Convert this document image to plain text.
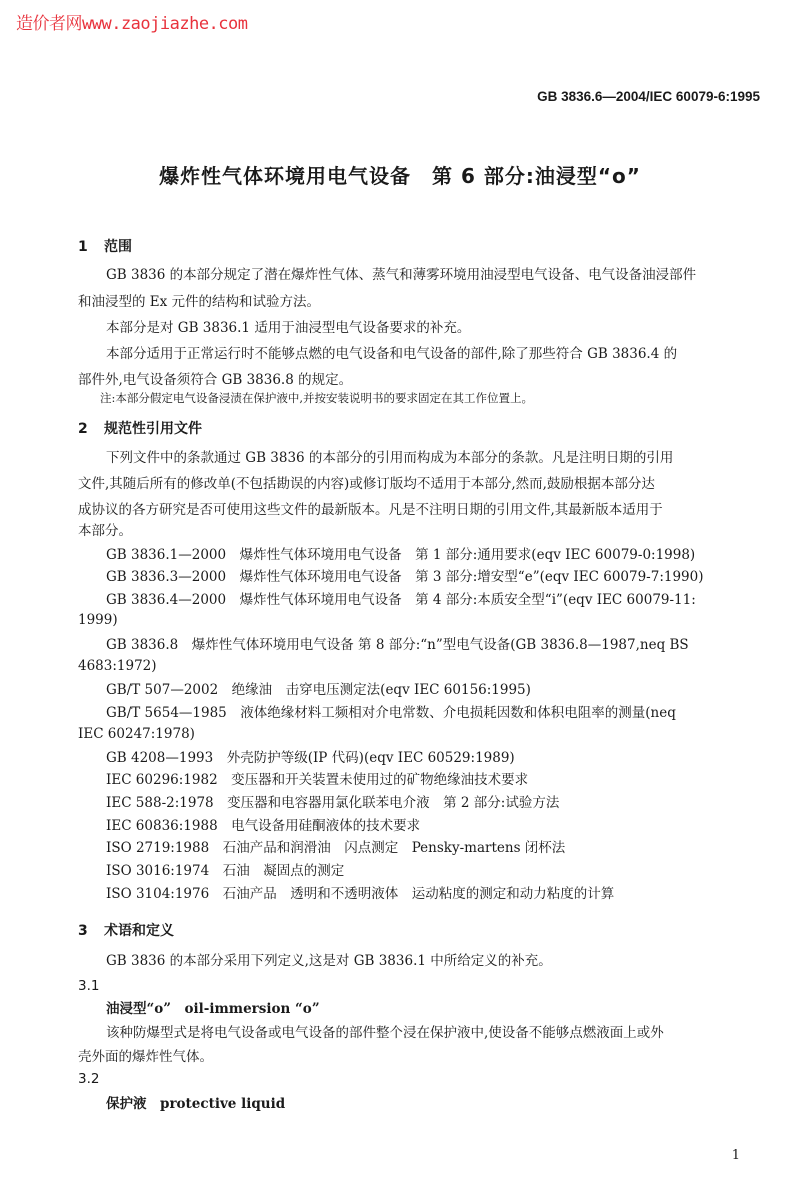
造价者网www.zaojiazhe.com
GB 3836.6—2004/IEC 60079-6:1995
爆炸性气体环境用电气设备　第 6 部分:油浸型“o”
1 范围
GB 3836 的本部分规定了潜在爆炸性气体、蒸气和薄雾环境用油浸型电气设备、电气设备油浸部件
和油浸型的 Ex 元件的结构和试验方法。
本部分是对 GB 3836.1 适用于油浸型电气设备要求的补充。
本部分适用于正常运行时不能够点燃的电气设备和电气设备的部件,除了那些符合 GB 3836.4 的
部件外,电气设备须符合 GB 3836.8 的规定。
注:本部分假定电气设备浸渍在保护液中,并按安装说明书的要求固定在其工作位置上。
2 规范性引用文件
下列文件中的条款通过 GB 3836 的本部分的引用而构成为本部分的条款。凡是注明日期的引用
文件,其随后所有的修改单(不包括勘误的内容)或修订版均不适用于本部分,然而,鼓励根据本部分达
成协议的各方研究是否可使用这些文件的最新版本。凡是不注明日期的引用文件,其最新版本适用于
本部分。
GB 3836.1—2000　爆炸性气体环境用电气设备　第 1 部分:通用要求(eqv IEC 60079-0:1998)
GB 3836.3—2000　爆炸性气体环境用电气设备　第 3 部分:增安型“e”(eqv IEC 60079-7:1990)
GB 3836.4—2000　爆炸性气体环境用电气设备　第 4 部分:本质安全型“i”(eqv IEC 60079-11:
1999)
GB 3836.8　爆炸性气体环境用电气设备 第 8 部分:“n”型电气设备(GB 3836.8—1987,neq BS
4683:1972)
GB/T 507—2002　绝缘油　击穿电压测定法(eqv IEC 60156:1995)
GB/T 5654—1985　液体绝缘材料工频相对介电常数、介电损耗因数和体积电阻率的测量(neq
IEC 60247:1978)
GB 4208—1993　外壳防护等级(IP 代码)(eqv IEC 60529:1989)
IEC 60296:1982　变压器和开关装置未使用过的矿物绝缘油技术要求
IEC 588-2:1978　变压器和电容器用氯化联苯电介液　第 2 部分:试验方法
IEC 60836:1988　电气设备用硅酮液体的技术要求
ISO 2719:1988　石油产品和润滑油　闪点测定　Pensky-martens 闭杯法
ISO 3016:1974　石油　凝固点的测定
ISO 3104:1976　石油产品　透明和不透明液体　运动粘度的测定和动力粘度的计算
3 术语和定义
GB 3836 的本部分采用下列定义,这是对 GB 3836.1 中所给定义的补充。
3.1
油浸型“o”　oil-immersion “o”
该种防爆型式是将电气设备或电气设备的部件整个浸在保护液中,使设备不能够点燃液面上或外
壳外面的爆炸性气体。
3.2
保护液　protective liquid
1
